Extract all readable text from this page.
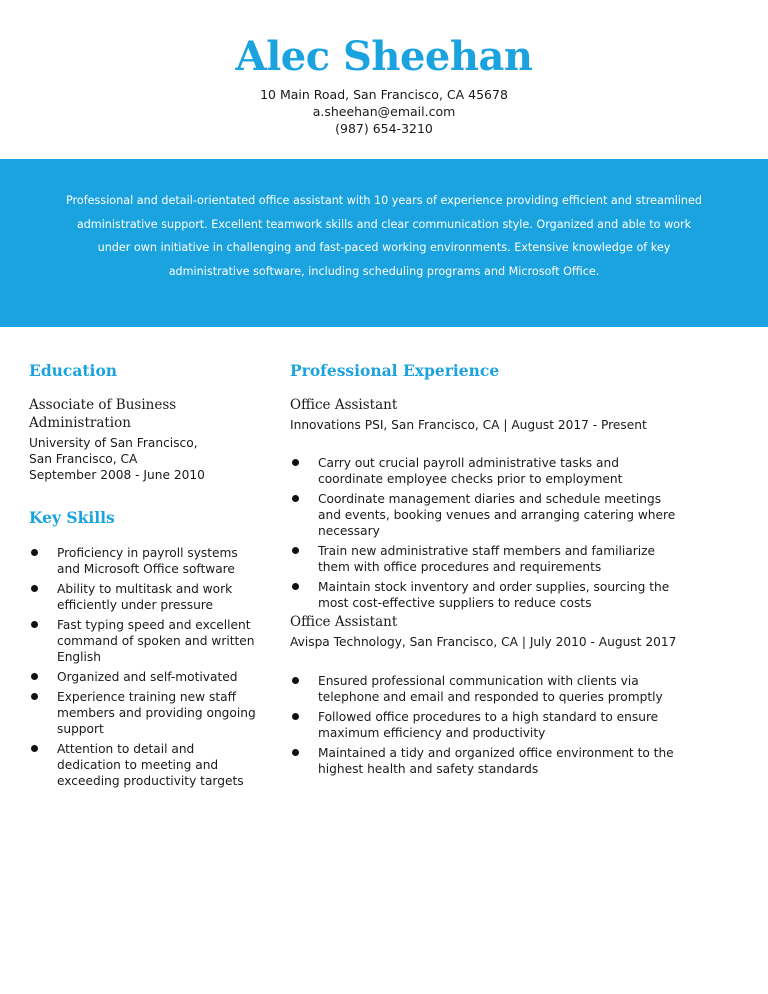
Alec Sheehan
10 Main Road, San Francisco, CA 45678
a.sheehan@email.com
(987) 654-3210

Professional and detail-orientated office assistant with 10 years of experience providing efficient and streamlined administrative support. Excellent teamwork skills and clear communication style. Organized and able to work under own initiative in challenging and fast-paced working environments. Extensive knowledge of key administrative software, including scheduling programs and Microsoft Office.

Education
Associate of Business Administration
University of San Francisco,
San Francisco, CA
September 2008 - June 2010
Key Skills
Proficiency in payroll systems and Microsoft Office software
Ability to multitask and work efficiently under pressure
Fast typing speed and excellent command of spoken and written English
Organized and self-motivated
Experience training new staff members and providing ongoing support
Attention to detail and dedication to meeting and exceeding productivity targets
Professional Experience
Office Assistant
Innovations PSI, San Francisco, CA | August 2017 - Present
Carry out crucial payroll administrative tasks and coordinate employee checks prior to employment
Coordinate management diaries and schedule meetings and events, booking venues and arranging catering where necessary
Train new administrative staff members and familiarize them with office procedures and requirements
Maintain stock inventory and order supplies, sourcing the most cost-effective suppliers to reduce costs
Office Assistant
Avispa Technology, San Francisco, CA | July 2010 - August 2017
Ensured professional communication with clients via telephone and email and responded to queries promptly
Followed office procedures to a high standard to ensure maximum efficiency and productivity
Maintained a tidy and organized office environment to the highest health and safety standards
